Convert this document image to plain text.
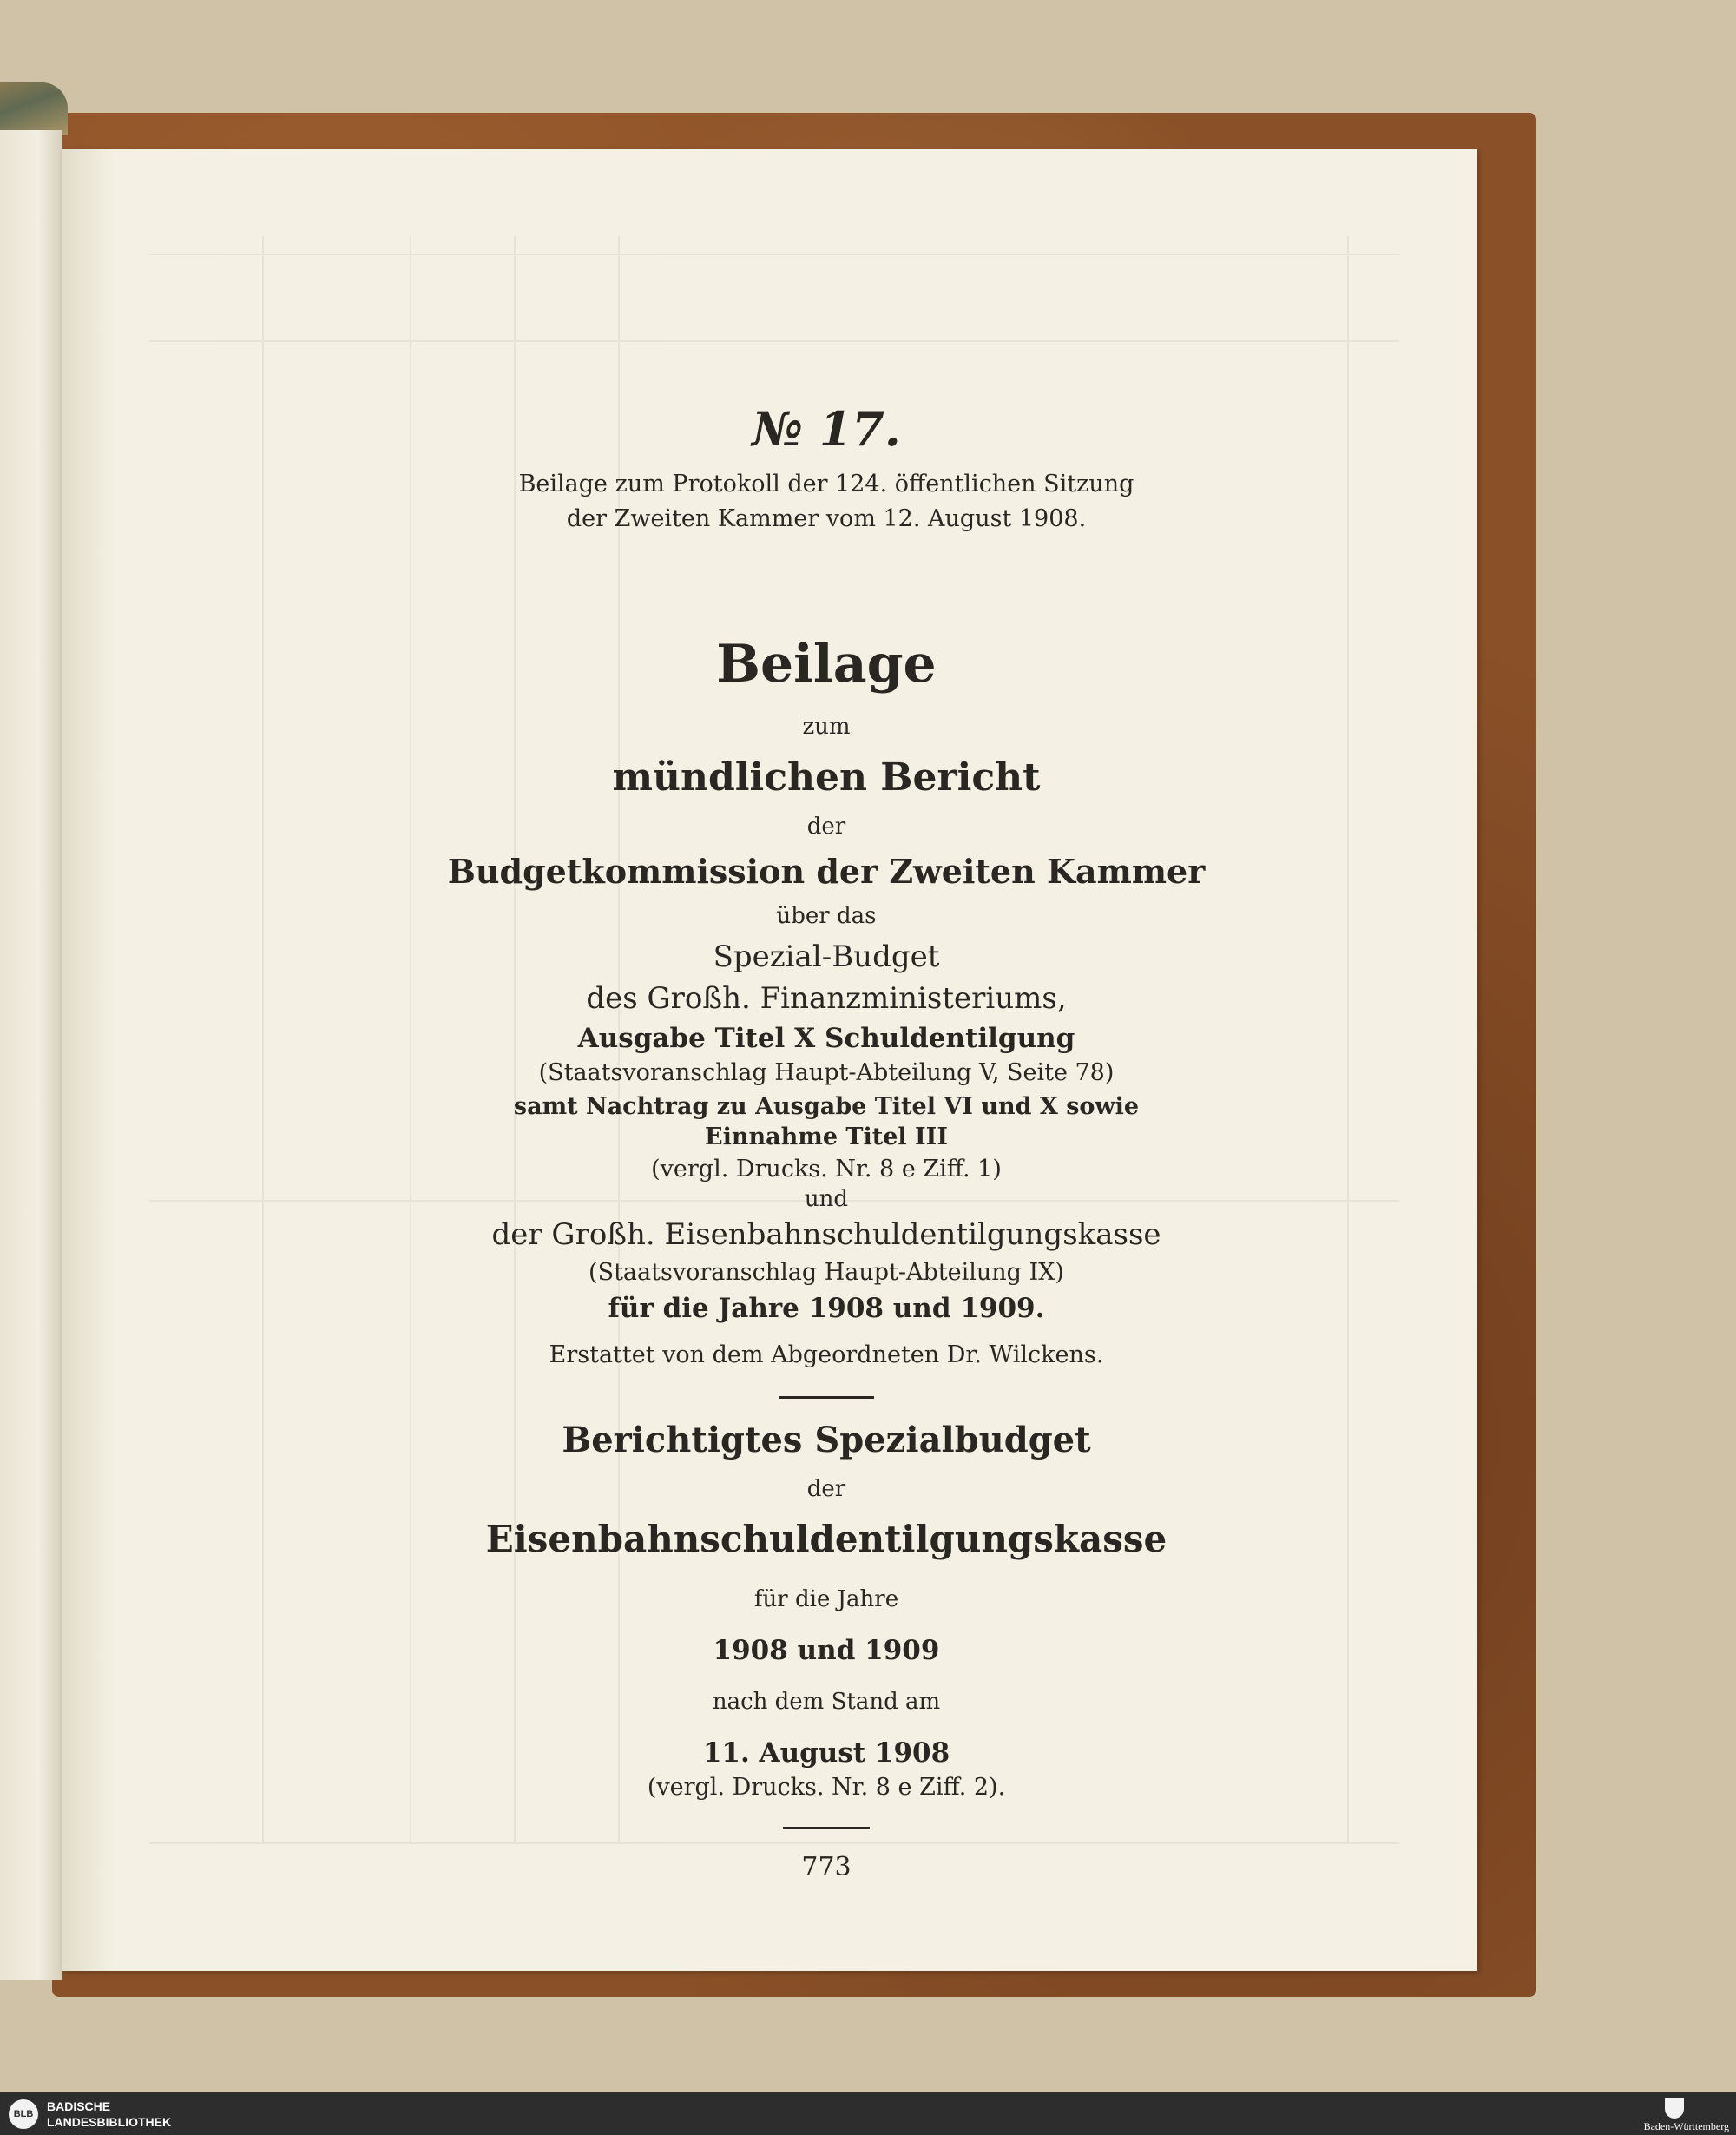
№ 17.
Beilage zum Protokoll der 124. öffentlichen Sitzung
der Zweiten Kammer vom 12. August 1908.
Beilage
zum
mündlichen Bericht
der
Budgetkommission der Zweiten Kammer
über das
Spezial-Budget
des Großh. Finanzministeriums,
Ausgabe Titel X Schuldentilgung
(Staatsvoranschlag Haupt-Abteilung V, Seite 78)
samt Nachtrag zu Ausgabe Titel VI und X sowie
Einnahme Titel III
(vergl. Drucks. Nr. 8 e Ziff. 1)
und
der Großh. Eisenbahnschuldentilgungskasse
(Staatsvoranschlag Haupt-Abteilung IX)
für die Jahre 1908 und 1909.
Erstattet von dem Abgeordneten Dr. Wilckens.
Berichtigtes Spezialbudget
der
Eisenbahnschuldentilgungskasse
für die Jahre
1908 und 1909
nach dem Stand am
11. August 1908
(vergl. Drucks. Nr. 8 e Ziff. 2).
773
BLB
BADISCHE
LANDESBIBLIOTHEK	Baden-Württemberg
